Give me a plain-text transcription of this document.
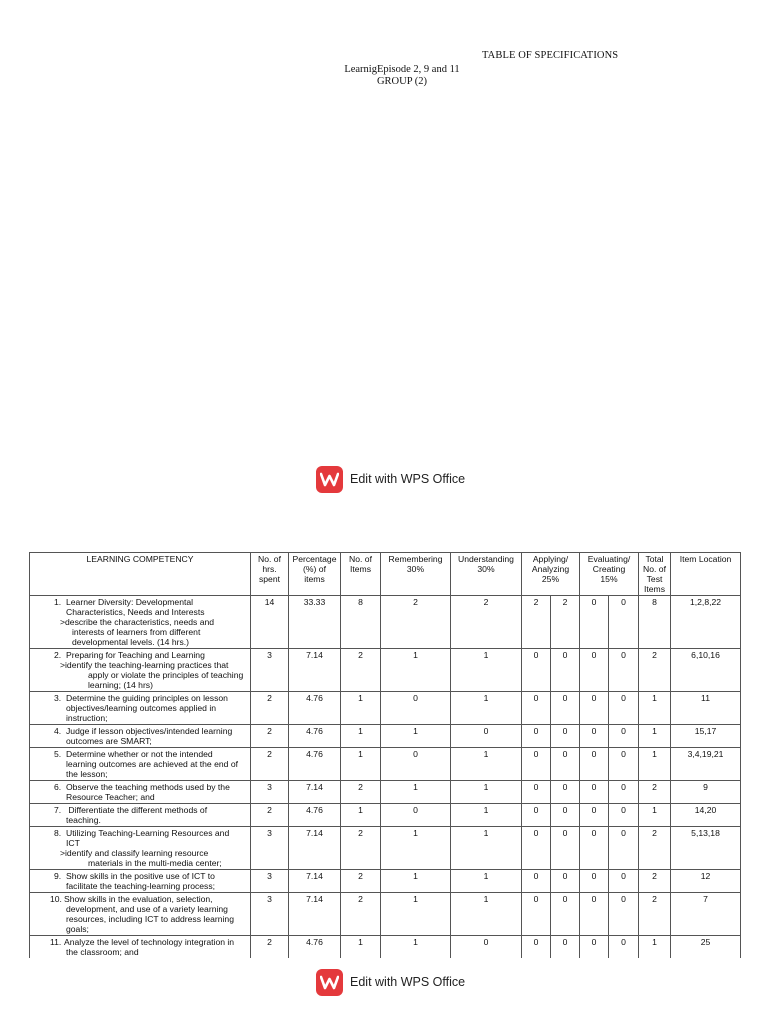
TABLE OF SPECIFICATIONS
LearnigEpisode 2, 9 and 11
GROUP (2)
Edit with WPS Office
LEARNING COMPETENCY	No. of hrs. spent	Percentage (%) of items	No. of Items	Remembering 30%	Understanding 30%	Applying/ Analyzing 25%		Evaluating/ Creating 15%		Total No. of Test Items	Item Location

1. Learner Diversity: Developmental
Characteristics, Needs and Interests
>describe the characteristics, needs and
interests of learners from different
developmental levels. (14 hrs.)	14	33.33	8	2	2	2	2	0	0	8	1,2,8,22

2. Preparing for Teaching and Learning
>identify the teaching-learning practices that
apply or violate the principles of teaching
learning; (14 hrs)	3	7.14	2	1	1	0	0	0	0	2	6,10,16

3. Determine the guiding principles on lesson
objectives/learning outcomes applied in
instruction;	2	4.76	1	0	1	0	0	0	0	1	11

4. Judge if lesson objectives/intended learning
outcomes are SMART;	2	4.76	1	1	0	0	0	0	0	1	15,17

5. Determine whether or not the intended
learning outcomes are achieved at the end of
the lesson;	2	4.76	1	0	1	0	0	0	0	1	3,4,19,21

6. Observe the teaching methods used by the
Resource Teacher; and	3	7.14	2	1	1	0	0	0	0	2	9

7. Differentiate the different methods of
teaching.	2	4.76	1	0	1	0	0	0	0	1	14,20

8. Utilizing Teaching-Learning Resources and
ICT
>identify and classify learning resource
materials in the multi-media center;	3	7.14	2	1	1	0	0	0	0	2	5,13,18

9. Show skills in the positive use of ICT to
facilitate the teaching-learning process;	3	7.14	2	1	1	0	0	0	0	2	12

10. Show skills in the evaluation, selection,
development, and use of a variety learning
resources, including ICT to address learning
goals;	3	7.14	2	1	1	0	0	0	0	2	7

11. Analyze the level of technology integration in
the classroom; and	2	4.76	1	1	0	0	0	0	0	1	25
Edit with WPS Office
